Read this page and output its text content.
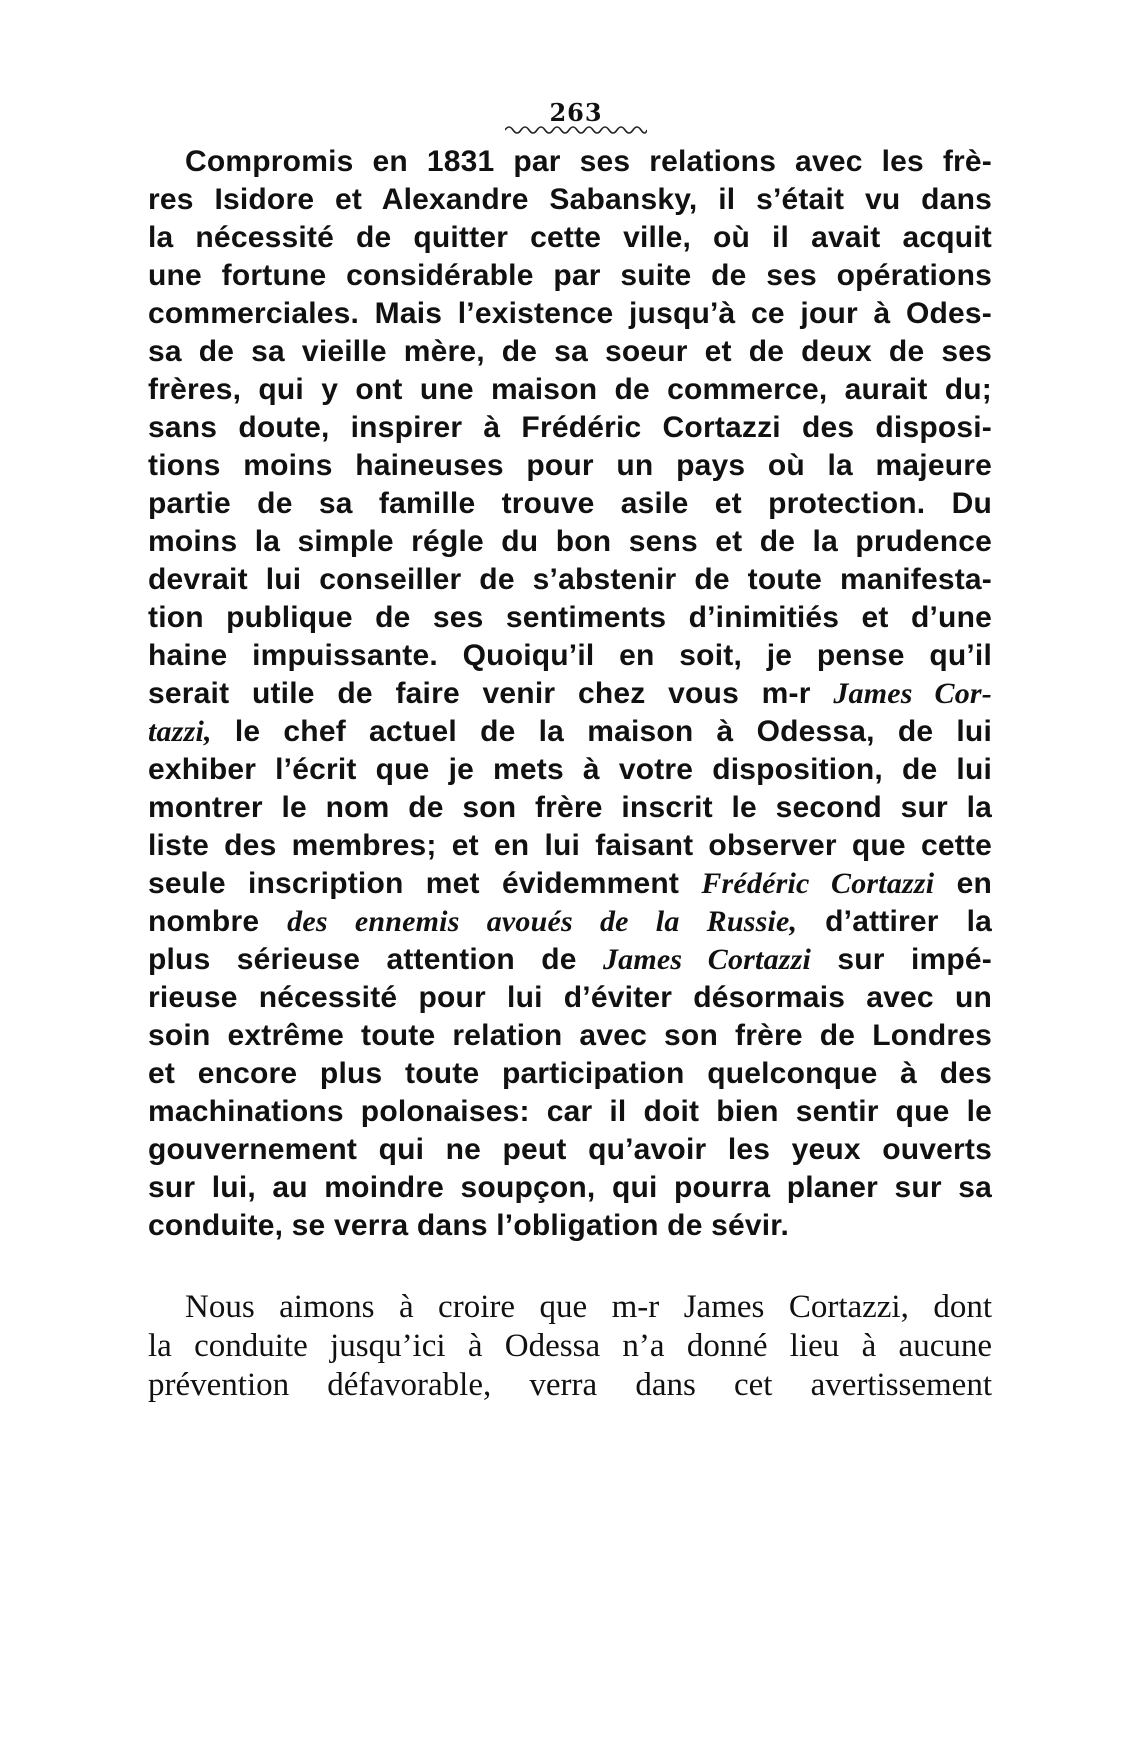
263
Compromis en 1831 par ses relations avec les frè-
res Isidore et Alexandre Sabansky, il s’était vu dans
la nécessité de quitter cette ville, où il avait acquit
une fortune considérable par suite de ses opérations
commerciales. Mais l’existence jusqu’à ce jour à Odes-
sa de sa vieille mère, de sa soeur et de deux de ses
frères, qui y ont une maison de commerce, aurait du;
sans doute, inspirer à Frédéric Cortazzi des disposi-
tions moins haineuses pour un pays où la majeure
partie de sa famille trouve asile et protection. Du
moins la simple régle du bon sens et de la prudence
devrait lui conseiller de s’abstenir de toute manifesta-
tion publique de ses sentiments d’inimitiés et d’une
haine impuissante. Quoiqu’il en soit, je pense qu’il
serait utile de faire venir chez vous m-r James Cor-
tazzi, le chef actuel de la maison à Odessa, de lui
exhiber l’écrit que je mets à votre disposition, de lui
montrer le nom de son frère inscrit le second sur la
liste des membres; et en lui faisant observer que cette
seule inscription met évidemment Frédéric Cortazzi en
nombre des ennemis avoués de la Russie, d’attirer la
plus sérieuse attention de James Cortazzi sur impé-
rieuse nécessité pour lui d’éviter désormais avec un
soin extrême toute relation avec son frère de Londres
et encore plus toute participation quelconque à des
machinations polonaises: car il doit bien sentir que le
gouvernement qui ne peut qu’avoir les yeux ouverts
sur lui, au moindre soupçon, qui pourra planer sur sa
conduite, se verra dans l’obligation de sévir.
Nous aimons à croire que m-r James Cortazzi, dont
la conduite jusqu’ici à Odessa n’a donné lieu à aucune
prévention défavorable, verra dans cet avertissement
